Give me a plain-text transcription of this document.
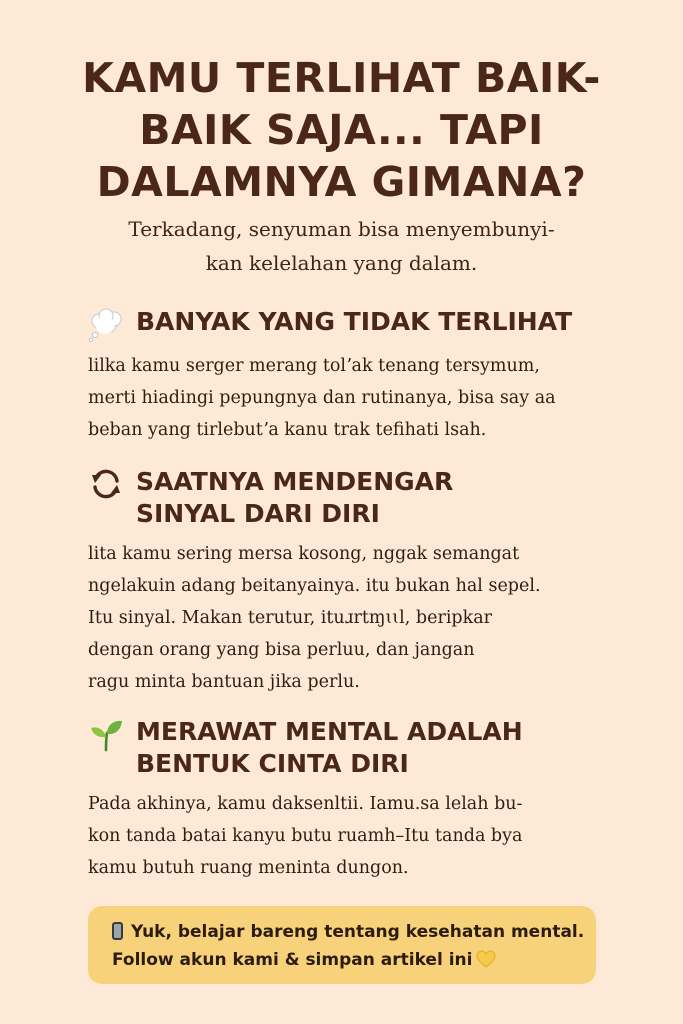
KAMU TERLIHAT BAIK-
BAIK SAJA... TAPI
DALAMNYA GIMANA?

Terkadang, senyuman bisa menyembunyi-
kan kelelahan yang dalam.

BANYAK YANG TIDAK TERLIHAT

lilka kamu serger merang tolʼak tenang tersymum,
merti hiadingi pepungnya dan rutinanya, bisa say aa
beban yang tirlebutʼa kanu trak tefihati lsah.

SAATNYA MENDENGAR
SINYAL DARI DIRI

lita kamu sering mersa kosong, nggak semangat
ngelakuin adang beitanyainya. itu bukan hal sepel.
Itu sinyal. Makan terutur, ituɹrtɱɩɩl, beripkar
dengan orang yang bisa perluu, dan jangan
ragu minta bantuan jika perlu.

MERAWAT MENTAL ADALAH
BENTUK CINTA DIRI

Pada akhinya, kamu daksenltii. Iamu.sa lelah bu-
kon tanda batai kanyu butu ruamh–Itu tanda bya
kamu butuh ruang meninta dungon.

Yuk, belajar bareng tentang kesehatan mental.
Follow akun kami & simpan artikel ini
